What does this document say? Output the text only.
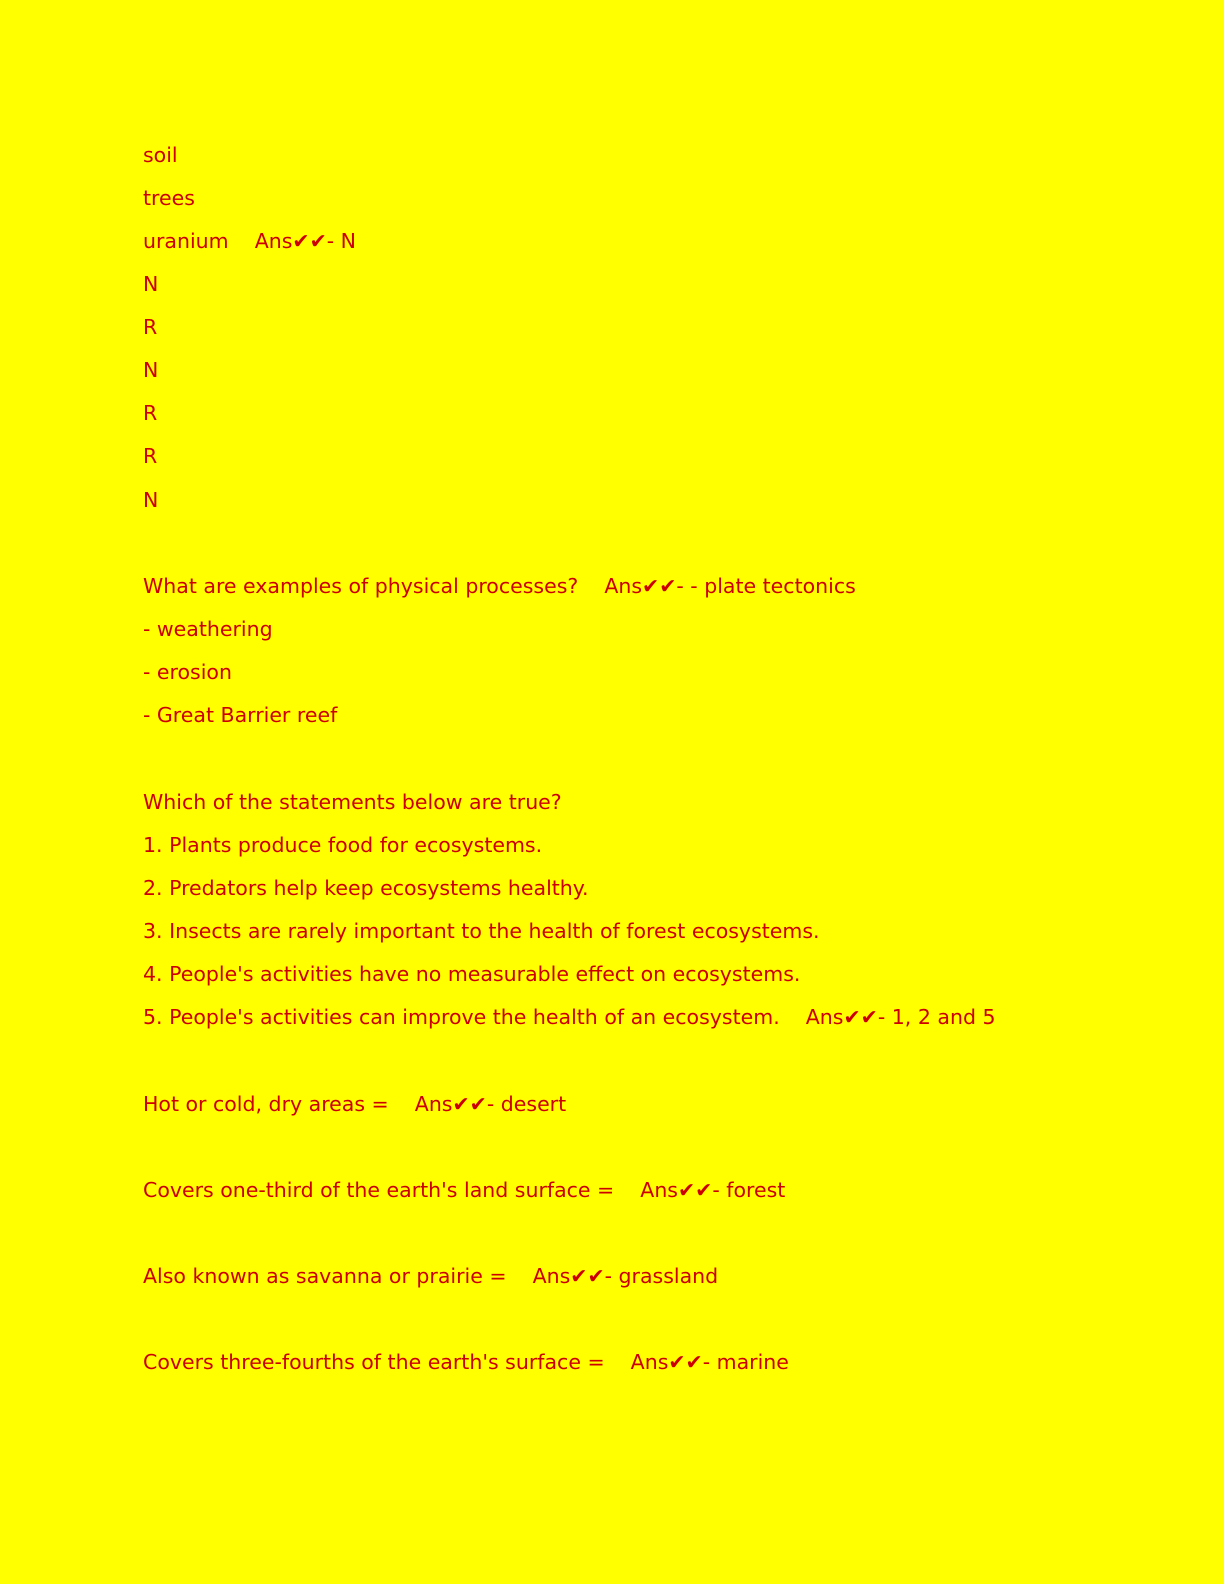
soil
trees
uranium    Ans✔✔- N
N
R
N
R
R
N
What are examples of physical processes?    Ans✔✔- - plate tectonics
- weathering
- erosion
- Great Barrier reef
Which of the statements below are true?
1. Plants produce food for ecosystems.
2. Predators help keep ecosystems healthy.
3. Insects are rarely important to the health of forest ecosystems.
4. People's activities have no measurable effect on ecosystems.
5. People's activities can improve the health of an ecosystem.    Ans✔✔- 1, 2 and 5
Hot or cold, dry areas =    Ans✔✔- desert
Covers one-third of the earth's land surface =    Ans✔✔- forest
Also known as savanna or prairie =    Ans✔✔- grassland
Covers three-fourths of the earth's surface =    Ans✔✔- marine
